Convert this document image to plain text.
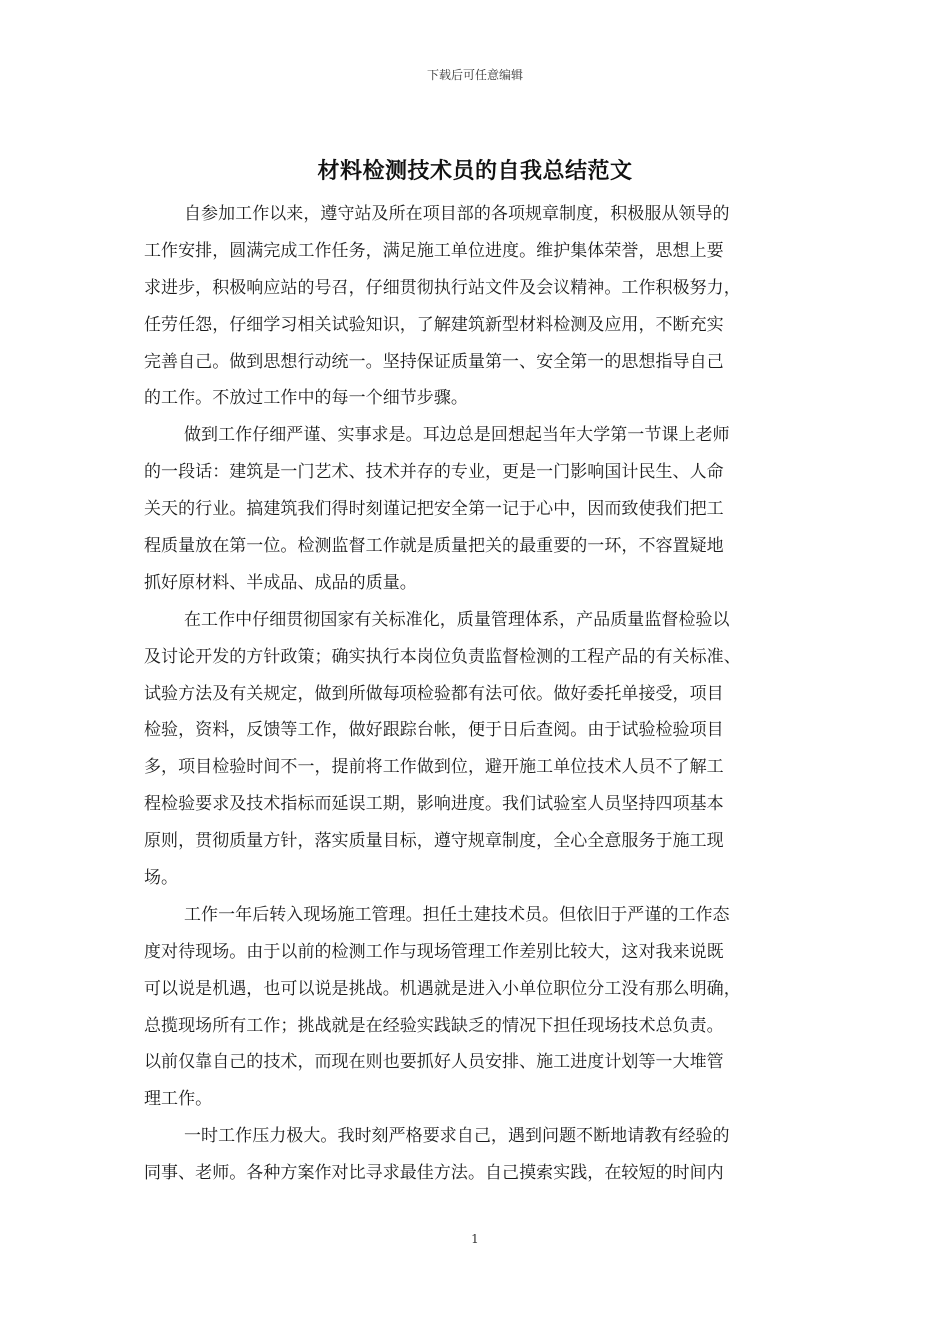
下载后可任意编辑
材料检测技术员的自我总结范文
自参加工作以来，遵守站及所在项目部的各项规章制度，积极服从领导的
工作安排，圆满完成工作任务，满足施工单位进度。维护集体荣誉，思想上要
求进步，积极响应站的号召，仔细贯彻执行站文件及会议精神。工作积极努力，
任劳任怨，仔细学习相关试验知识，了解建筑新型材料检测及应用，不断充实
完善自己。做到思想行动统一。坚持保证质量第一、安全第一的思想指导自己
的工作。不放过工作中的每一个细节步骤。
做到工作仔细严谨、实事求是。耳边总是回想起当年大学第一节课上老师
的一段话：建筑是一门艺术、技术并存的专业，更是一门影响国计民生、人命
关天的行业。搞建筑我们得时刻谨记把安全第一记于心中，因而致使我们把工
程质量放在第一位。检测监督工作就是质量把关的最重要的一环，不容置疑地
抓好原材料、半成品、成品的质量。
在工作中仔细贯彻国家有关标准化，质量管理体系，产品质量监督检验以
及讨论开发的方针政策；确实执行本岗位负责监督检测的工程产品的有关标准、
试验方法及有关规定，做到所做每项检验都有法可依。做好委托单接受，项目
检验，资料，反馈等工作，做好跟踪台帐，便于日后查阅。由于试验检验项目
多，项目检验时间不一，提前将工作做到位，避开施工单位技术人员不了解工
程检验要求及技术指标而延误工期，影响进度。我们试验室人员坚持四项基本
原则，贯彻质量方针，落实质量目标，遵守规章制度，全心全意服务于施工现
场。
工作一年后转入现场施工管理。担任土建技术员。但依旧于严谨的工作态
度对待现场。由于以前的检测工作与现场管理工作差别比较大，这对我来说既
可以说是机遇，也可以说是挑战。机遇就是进入小单位职位分工没有那么明确，
总揽现场所有工作；挑战就是在经验实践缺乏的情况下担任现场技术总负责。
以前仅靠自己的技术，而现在则也要抓好人员安排、施工进度计划等一大堆管
理工作。
一时工作压力极大。我时刻严格要求自己，遇到问题不断地请教有经验的
同事、老师。各种方案作对比寻求最佳方法。自己摸索实践，在较短的时间内
1
